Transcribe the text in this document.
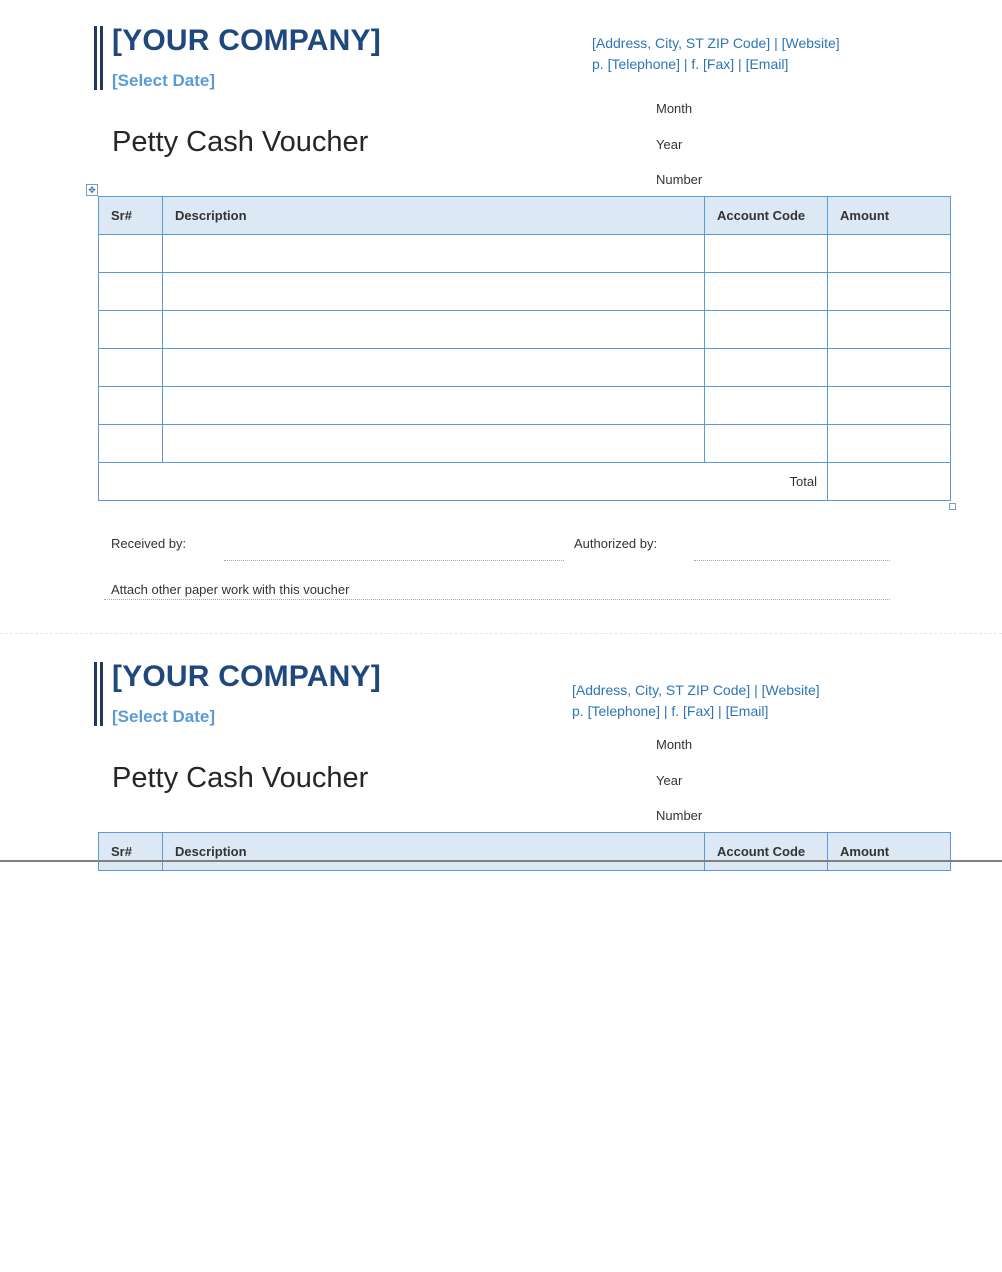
[YOUR COMPANY]
[Select Date]
[Address, City, ST ZIP Code] | [Website]
p. [Telephone] | f. [Fax] | [Email]
Petty Cash Voucher
Month
Year
Number
✥
Sr#	Description	Account Code	Amount

Total			
Received by:	Authorized by:
Attach other paper work with this voucher
[YOUR COMPANY]
[Select Date]
[Address, City, ST ZIP Code] | [Website]
p. [Telephone] | f. [Fax] | [Email]
Petty Cash Voucher
Month
Year
Number
Sr#	Description	Account Code	Amount
